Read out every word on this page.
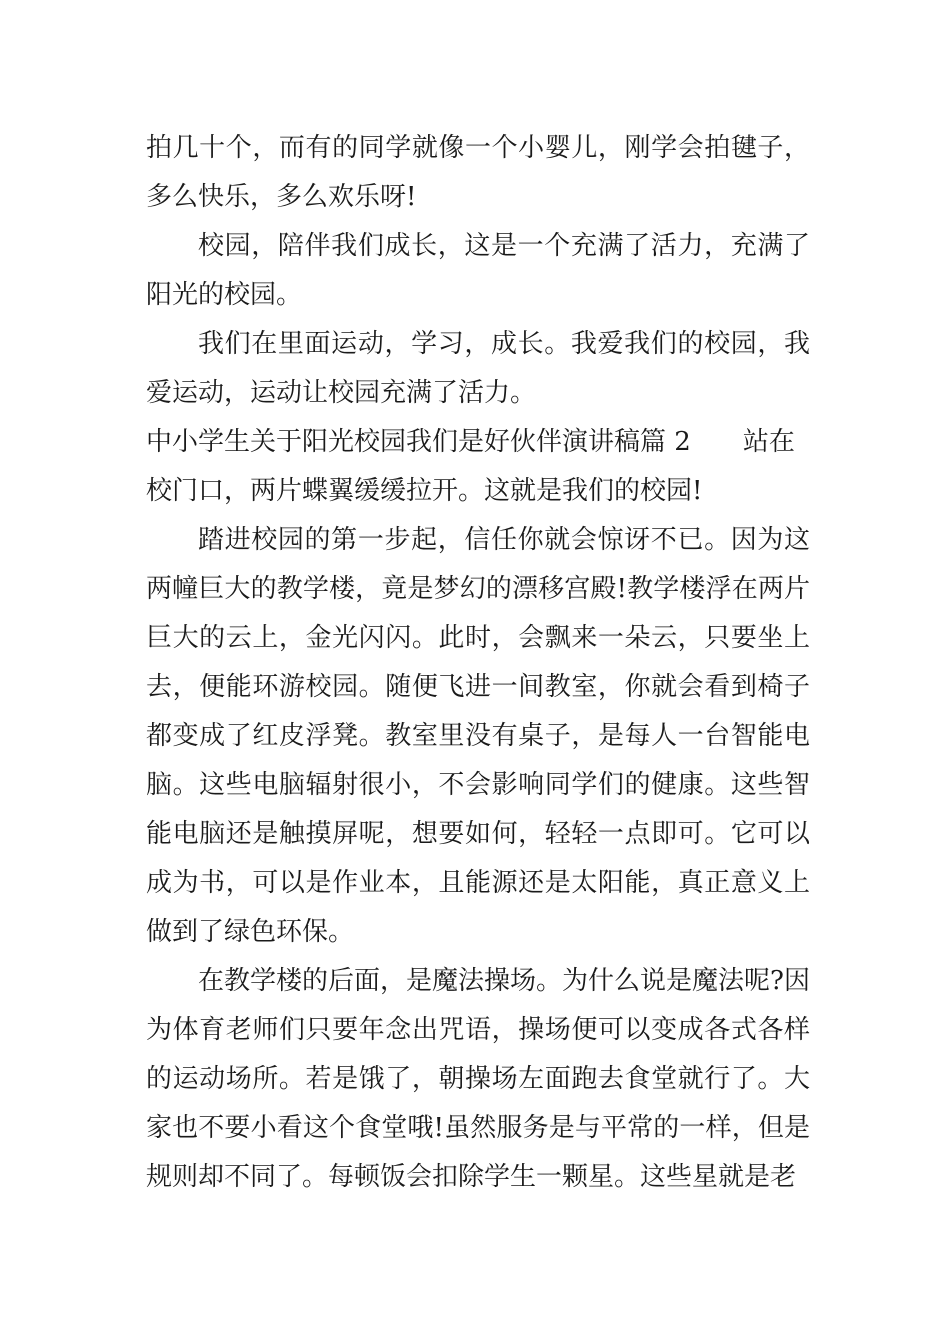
拍几十个，而有的同学就像一个小婴儿，刚学会拍毽子，多么快乐，多么欢乐呀!

校园，陪伴我们成长，这是一个充满了活力，充满了阳光的校园。

我们在里面运动，学习，成长。我爱我们的校园，我爱运动，运动让校园充满了活力。

中小学生关于阳光校园我们是好伙伴演讲稿篇 2 站在校门口，两片蝶翼缓缓拉开。这就是我们的校园!

踏进校园的第一步起，信任你就会惊讶不已。因为这两幢巨大的教学楼，竟是梦幻的漂移宫殿!教学楼浮在两片巨大的云上，金光闪闪。此时，会飘来一朵云，只要坐上去，便能环游校园。随便飞进一间教室，你就会看到椅子都变成了红皮浮凳。教室里没有桌子，是每人一台智能电脑。这些电脑辐射很小，不会影响同学们的健康。这些智能电脑还是触摸屏呢，想要如何，轻轻一点即可。它可以成为书，可以是作业本，且能源还是太阳能，真正意义上做到了绿色环保。

在教学楼的后面，是魔法操场。为什么说是魔法呢?因为体育老师们只要年念出咒语，操场便可以变成各式各样的运动场所。若是饿了，朝操场左面跑去食堂就行了。大家也不要小看这个食堂哦!虽然服务是与平常的一样，但是规则却不同了。每顿饭会扣除学生一颗星。这些星就是老
